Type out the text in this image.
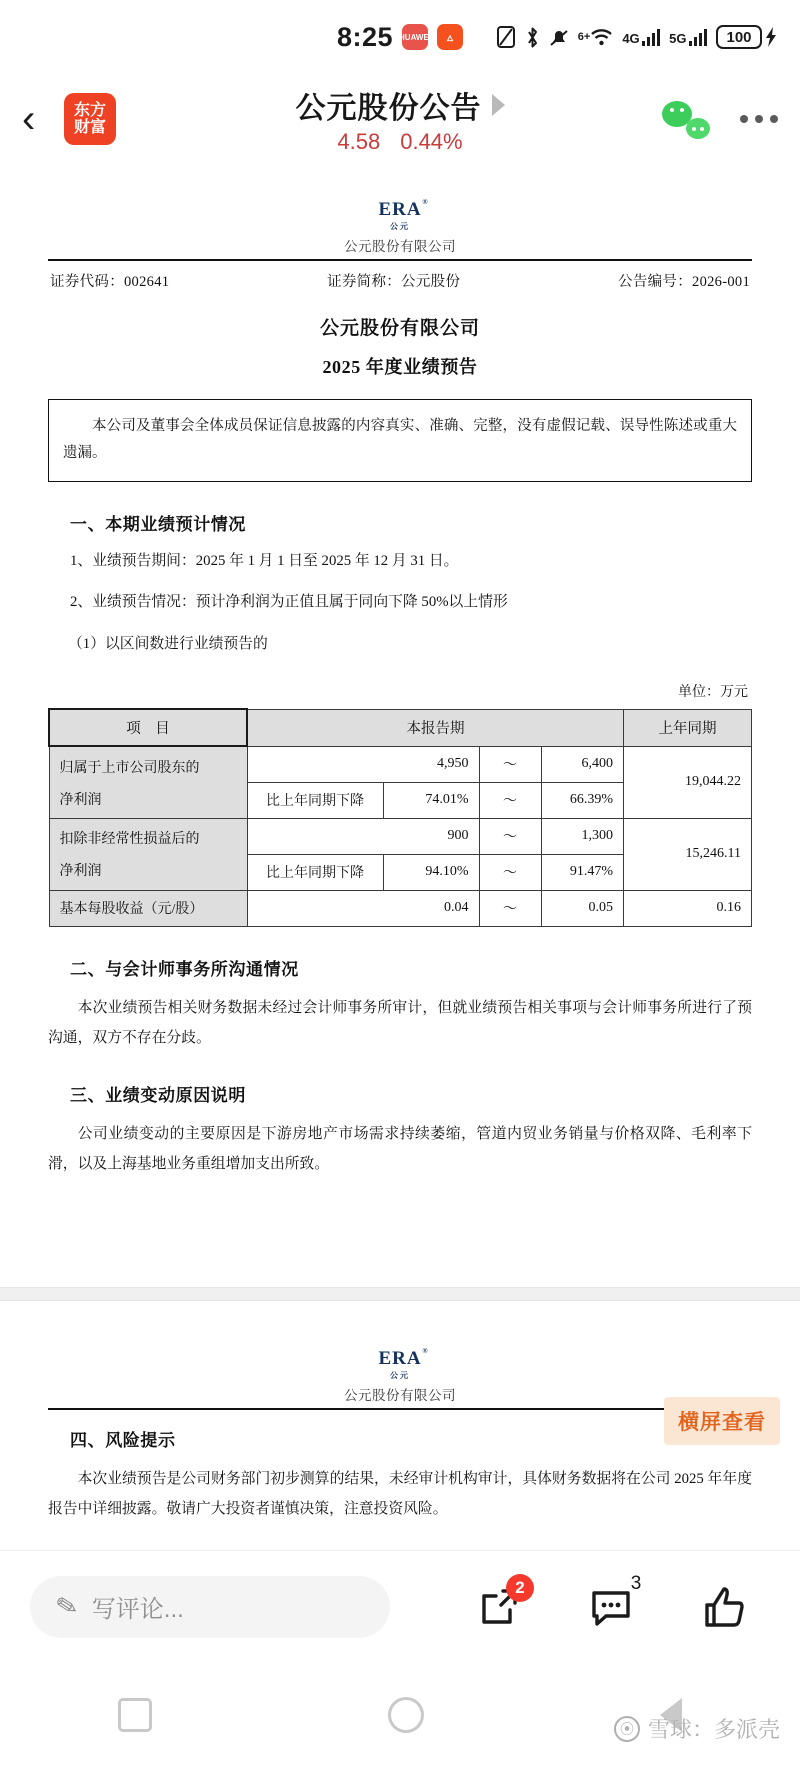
8:25 HUAWEI	🜂	6+ 4G 5G	100
‹	东方
财富
公元股份公告
4.58 0.44%
ERA ®
公元
公元股份有限公司
证券代码：002641	证券简称：公元股份	公告编号：2026-001
公元股份有限公司
2025 年度业绩预告

本公司及董事会全体成员保证信息披露的内容真实、准确、完整，没有虚假记载、误导性陈述或重大遗漏。

一、本期业绩预计情况
1、业绩预告期间：2025 年 1 月 1 日至 2025 年 12 月 31 日。
2、业绩预告情况：预计净利润为正值且属于同向下降 50%以上情形
（1）以区间数进行业绩预告的
单位：万元
项　目	本报告期				上年同期

归属于上市公司股东的
净利润	4,950		～	6,400	19,044.22
	比上年同期下降	74.01%	～	66.39%	

扣除非经常性损益后的
净利润	900		～	1,300	15,246.11
	比上年同期下降	94.10%	～	91.47%	
基本每股收益（元/股）	0.04		～	0.05	0.16
二、与会计师事务所沟通情况
本次业绩预告相关财务数据未经过会计师事务所审计，但就业绩预告相关事项与会计师事务所进行了预沟通，双方不存在分歧。
三、业绩变动原因说明
公司业绩变动的主要原因是下游房地产市场需求持续萎缩，管道内贸业务销量与价格双降、毛利率下滑，以及上海基地业务重组增加支出所致。
ERA ®
公元
公元股份有限公司
四、风险提示
本次业绩预告是公司财务部门初步测算的结果，未经审计机构审计，具体财务数据将在公司 2025 年年度报告中详细披露。敬请广大投资者谨慎决策，注意投资风险。
横屏查看
✎ 写评论...
2	3
⦿ 雪球：多派壳
